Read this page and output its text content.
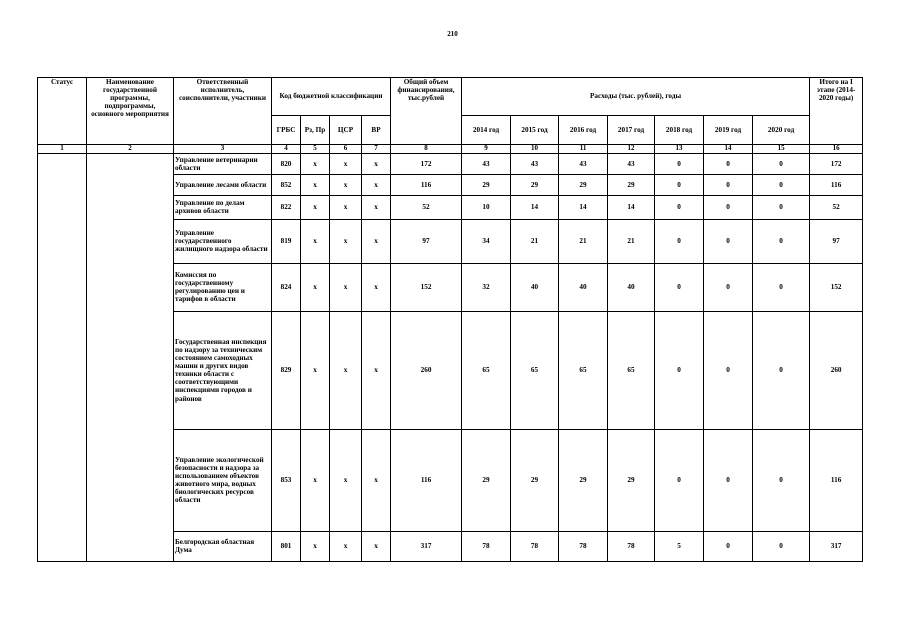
210
Статус	Наименование государственной программы, подпрограммы, основного мероприятия	Ответственный исполнитель, соисполнители, участники	Код бюджетной классификации				Общий объем финансирования, тыс.рублей	Расходы (тыс. рублей), годы							Итого на I этапе (2014-2020 годы)
			ГРБС	Рз, Пр	ЦСР	ВР		2014 год	2015 год	2016 год	2017 год	2018 год	2019 год	2020 год	
1	2	3	4	5	6	7	8	9	10	11	12	13	14	15	16
		Управление ветеринарии области	820	х	х	х	172	43	43	43	43	0	0	0	172
		Управление лесами области	852	х	х	х	116	29	29	29	29	0	0	0	116
		Управление по делам архивов области	822	х	х	х	52	10	14	14	14	0	0	0	52
		Управление государственного жилищного надзора области	819	х	х	х	97	34	21	21	21	0	0	0	97
		Комиссия по государственному регулированию цен и тарифов в области	824	х	х	х	152	32	40	40	40	0	0	0	152
		Государственная инспекция по надзору за техническим состоянием самоходных машин и других видов техники области с соответствующими инспекциями городов и районов	829	х	х	х	260	65	65	65	65	0	0	0	260
		Управление экологической безопасности и надзора за использованием объектов животного мира, водных биологических ресурсов области	853	х	х	х	116	29	29	29	29	0	0	0	116
		Белгородская областная Дума	801	х	х	х	317	78	78	78	78	5	0	0	317
